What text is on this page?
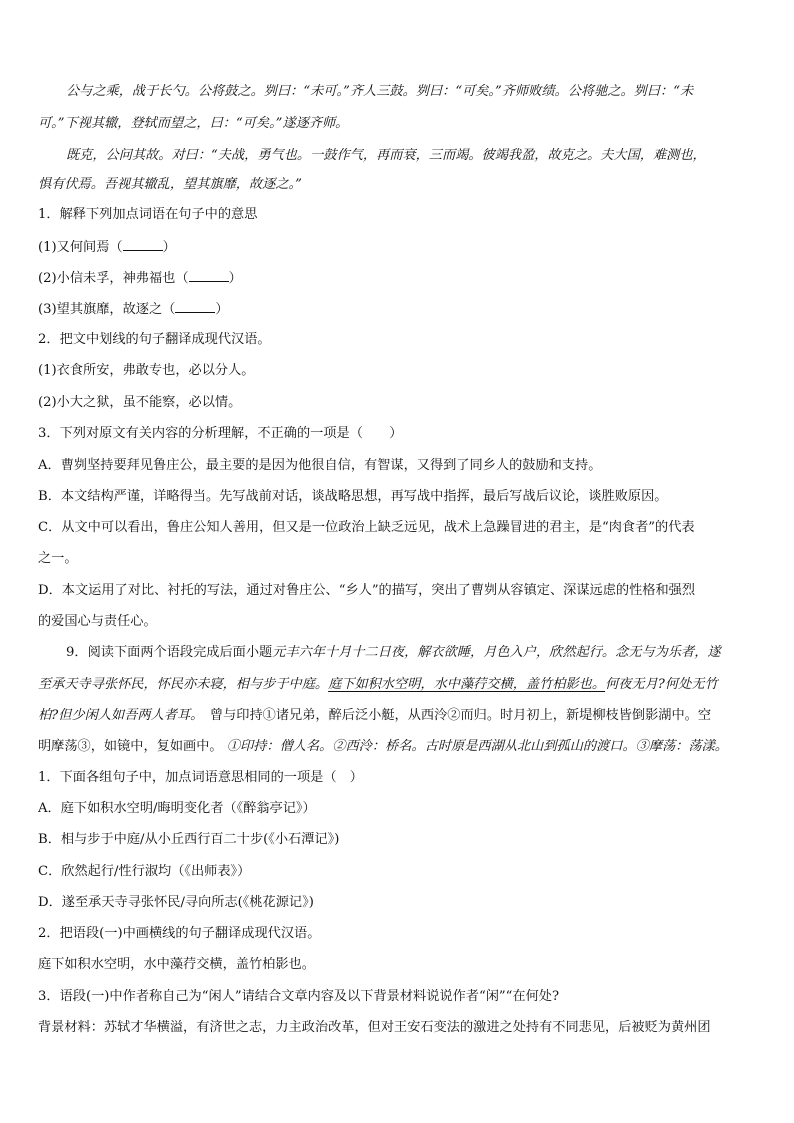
公与之乘，战于长勺。公将鼓之。刿曰：“未可。”齐人三鼓。刿曰：“可矣。”齐师败绩。公将驰之。刿曰：“未
可。”下视其辙，登轼而望之，曰：“可矣。”遂逐齐师。
既克，公问其故。对曰：“夫战，勇气也。一鼓作气，再而衰，三而竭。彼竭我盈，故克之。夫大国，难测也，
惧有伏焉。吾视其辙乱，望其旗靡，故逐之。”
1．解释下列加点词语在句子中的意思
(1)又何间焉（	）
(2)小信未孚，神弗福也（	）
(3)望其旗靡，故逐之（	）
2．把文中划线的句子翻译成现代汉语。
(1)衣食所安，弗敢专也，必以分人。
(2)小大之狱，虽不能察，必以情。
3．下列对原文有关内容的分析理解，不正确的一项是（　　）
A．曹刿坚持要拜见鲁庄公，最主要的是因为他很自信，有智谋，又得到了同乡人的鼓励和支持。
B．本文结构严谨，详略得当。先写战前对话，谈战略思想，再写战中指挥，最后写战后议论，谈胜败原因。
C．从文中可以看出，鲁庄公知人善用，但又是一位政治上缺乏远见，战术上急躁冒进的君主，是“肉食者”的代表
之一。
D．本文运用了对比、衬托的写法，通过对鲁庄公、“乡人”的描写，突出了曹刿从容镇定、深谋远虑的性格和强烈
的爱国心与责任心。
9．阅读下面两个语段完成后面小题元丰六年十月十二日夜，解衣欲睡，月色入户，欣然起行。念无与为乐者，遂
至承天寺寻张怀民，怀民亦未寝，相与步于中庭。庭下如积水空明，水中藻荇交横，盖竹柏影也。何夜无月?何处无竹
柏?但少闲人如吾两人者耳。　曾与印持①诸兄弟，醉后泛小艇，从西泠②而归。时月初上，新堤柳枝皆倒影湖中。空
明摩荡③，如镜中，复如画中。 ①印持：僧人名。②西泠：桥名。古时原是西湖从北山到孤山的渡口。③摩荡：荡漾。
1．下面各组句子中，加点词语意思相同的一项是（　）
A．庭下如积水空明/晦明变化者（《醉翁亭记》）
B．相与步于中庭/从小丘西行百二十步(《小石潭记》)
C．欣然起行/性行淑均（《出师表》）
D．遂至承天寺寻张怀民/寻向所志(《桃花源记》)
2．把语段(一)中画横线的句子翻译成现代汉语。
庭下如积水空明，水中藻荇交横，盖竹柏影也。
3．语段(一)中作者称自己为“闲人”请结合文章内容及以下背景材料说说作者“闲”“在何处?
背景材料：苏轼才华横溢，有济世之志，力主政治改革，但对王安石变法的激进之处持有不同悲见，后被贬为黄州团
